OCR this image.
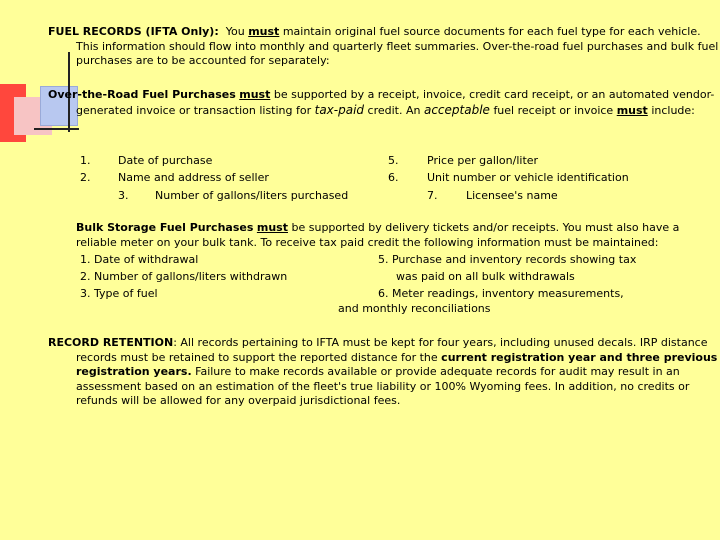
FUEL RECORDS (IFTA Only): You must maintain original fuel source documents for each fuel type for each vehicle. This information should flow into monthly and quarterly fleet summaries. Over-the-road fuel purchases and bulk fuel purchases are to be accounted for separately:

Over-the-Road Fuel Purchases must be supported by a receipt, invoice, credit card receipt, or an automated vendor-generated invoice or transaction listing for tax-paid credit. An acceptable fuel receipt or invoice must include:

1.	Date of purchase
2.	Name and address of seller
3. Number of gallons/liters purchased
5.	Price per gallon/liter
6.	Unit number or vehicle identification
7.	Licensee's name

Bulk Storage Fuel Purchases must be supported by delivery tickets and/or receipts. You must also have a reliable meter on your bulk tank. To receive tax paid credit the following information must be maintained:

1. Date of withdrawal
2. Number of gallons/liters withdrawn
3. Type of fuel
5. Purchase and inventory records showing tax
was paid on all bulk withdrawals
6. Meter readings, inventory measurements,
and monthly reconciliations

RECORD RETENTION: All records pertaining to IFTA must be kept for four years, including unused decals. IRP distance records must be retained to support the reported distance for the current registration year and three previous registration years. Failure to make records available or provide adequate records for audit may result in an assessment based on an estimation of the fleet's true liability or 100% Wyoming fees. In addition, no credits or refunds will be allowed for any overpaid jurisdictional fees.
